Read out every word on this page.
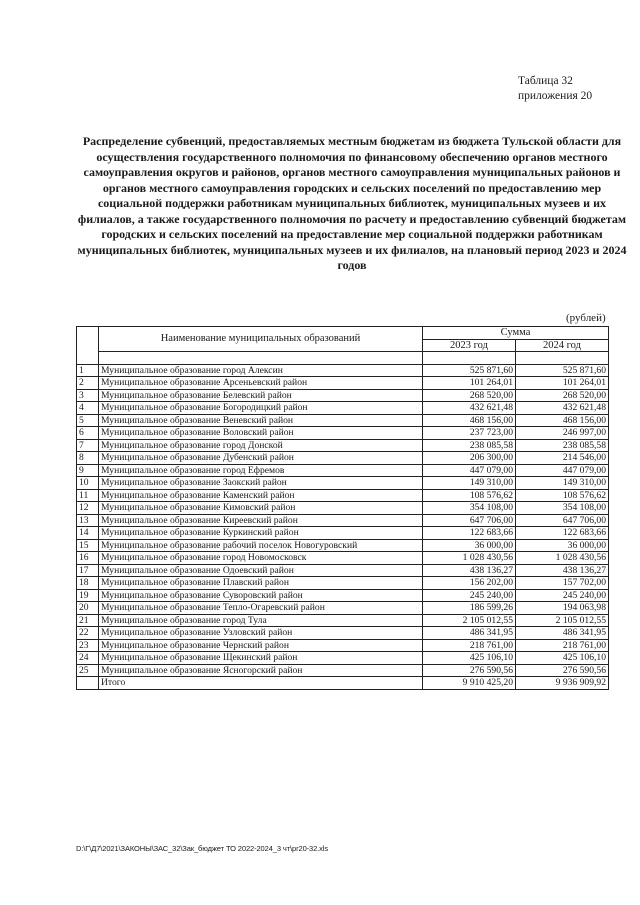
Таблица 32
приложения 20
Распределение субвенций, предоставляемых местным бюджетам из бюджета Тульской области для осуществления государственного полномочия по финансовому обеспечению органов местного самоуправления округов и районов, органов местного самоуправления муниципальных районов и органов местного самоуправления городских и сельских поселений по предоставлению мер социальной поддержки работникам муниципальных библиотек, муниципальных музеев и их филиалов, а также государственного полномочия по расчету и предоставлению субвенций бюджетам городских и сельских поселений на предоставление мер социальной поддержки работникам муниципальных библиотек, муниципальных музеев и их филиалов, на плановый период 2023 и 2024 годов
(рублей)
	Наименование муниципальных образований	Сумма	
		2023 год	2024 год

1	Муниципальное образование город Алексин	525 871,60	525 871,60
2	Муниципальное образование Арсеньевский район	101 264,01	101 264,01
3	Муниципальное образование Белевский район	268 520,00	268 520,00
4	Муниципальное образование Богородицкий район	432 621,48	432 621,48
5	Муниципальное образование Веневский район	468 156,00	468 156,00
6	Муниципальное образование Воловский район	237 723,00	246 997,00
7	Муниципальное образование город Донской	238 085,58	238 085,58
8	Муниципальное образование Дубенский район	206 300,00	214 546,00
9	Муниципальное образование город Ефремов	447 079,00	447 079,00
10	Муниципальное образование Заокский район	149 310,00	149 310,00
11	Муниципальное образование Каменский район	108 576,62	108 576,62
12	Муниципальное образование Кимовский район	354 108,00	354 108,00
13	Муниципальное образование Киреевский район	647 706,00	647 706,00
14	Муниципальное образование Куркинский район	122 683,66	122 683,66
15	Муниципальное образование рабочий поселок Новогуровский	36 000,00	36 000,00
16	Муниципальное образование город Новомосковск	1 028 430,56	1 028 430,56
17	Муниципальное образование Одоевский район	438 136,27	438 136,27
18	Муниципальное образование Плавский район	156 202,00	157 702,00
19	Муниципальное образование Суворовский район	245 240,00	245 240,00
20	Муниципальное образование Тепло-Огаревский район	186 599,26	194 063,98
21	Муниципальное образование город Тула	2 105 012,55	2 105 012,55
22	Муниципальное образование Узловский район	486 341,95	486 341,95
23	Муниципальное образование Чернский район	218 761,00	218 761,00
24	Муниципальное образование Щекинский район	425 106,10	425 106,10
25	Муниципальное образование Ясногорский район	276 590,56	276 590,56
	Итого	9 910 425,20	9 936 909,92
D:\Г\Д7\2021\ЗАКОНЫ\ЗАС_32\Зак_бюджет ТО 2022-2024_3 чт\pr20-32.xls
